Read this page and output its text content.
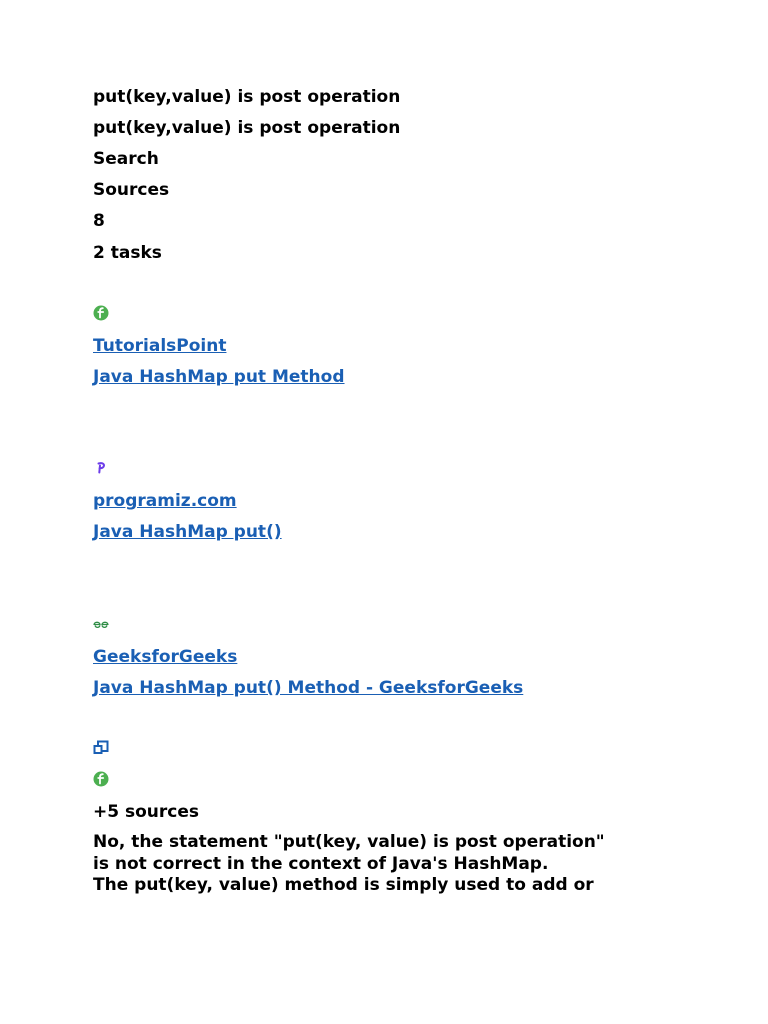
put(key,value) is post operation
put(key,value) is post operation
Search
Sources
8
2 tasks
TutorialsPoint
Java HashMap put Method
programiz.com
Java HashMap put()
GeeksforGeeks
Java HashMap put() Method - GeeksforGeeks
+5 sources
No, the statement "put(key, value) is post operation"
is not correct in the context of Java's HashMap.
The put(key, value) method is simply used to add or
